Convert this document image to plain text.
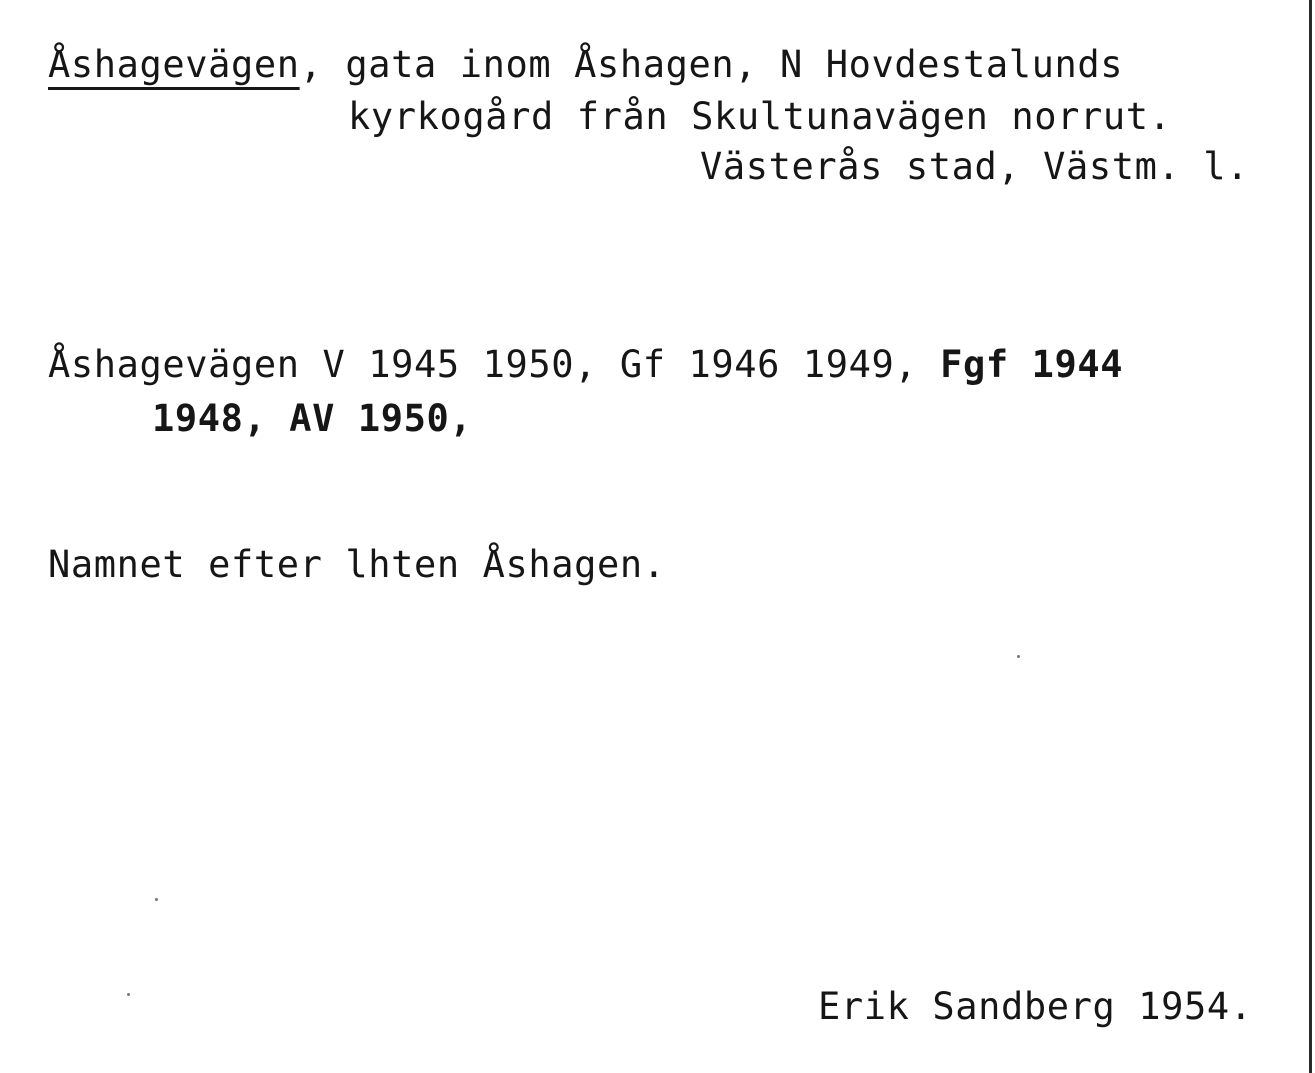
Åshagevägen, gata inom Åshagen, N Hovdestalunds
kyrkogård från Skultunavägen norrut.
Västerås stad, Västm. l.
Åshagevägen V 1945 1950, Gf 1946 1949, Fgf 1944
1948, AV 1950,
Namnet efter lhten Åshagen.
Erik Sandberg 1954.
